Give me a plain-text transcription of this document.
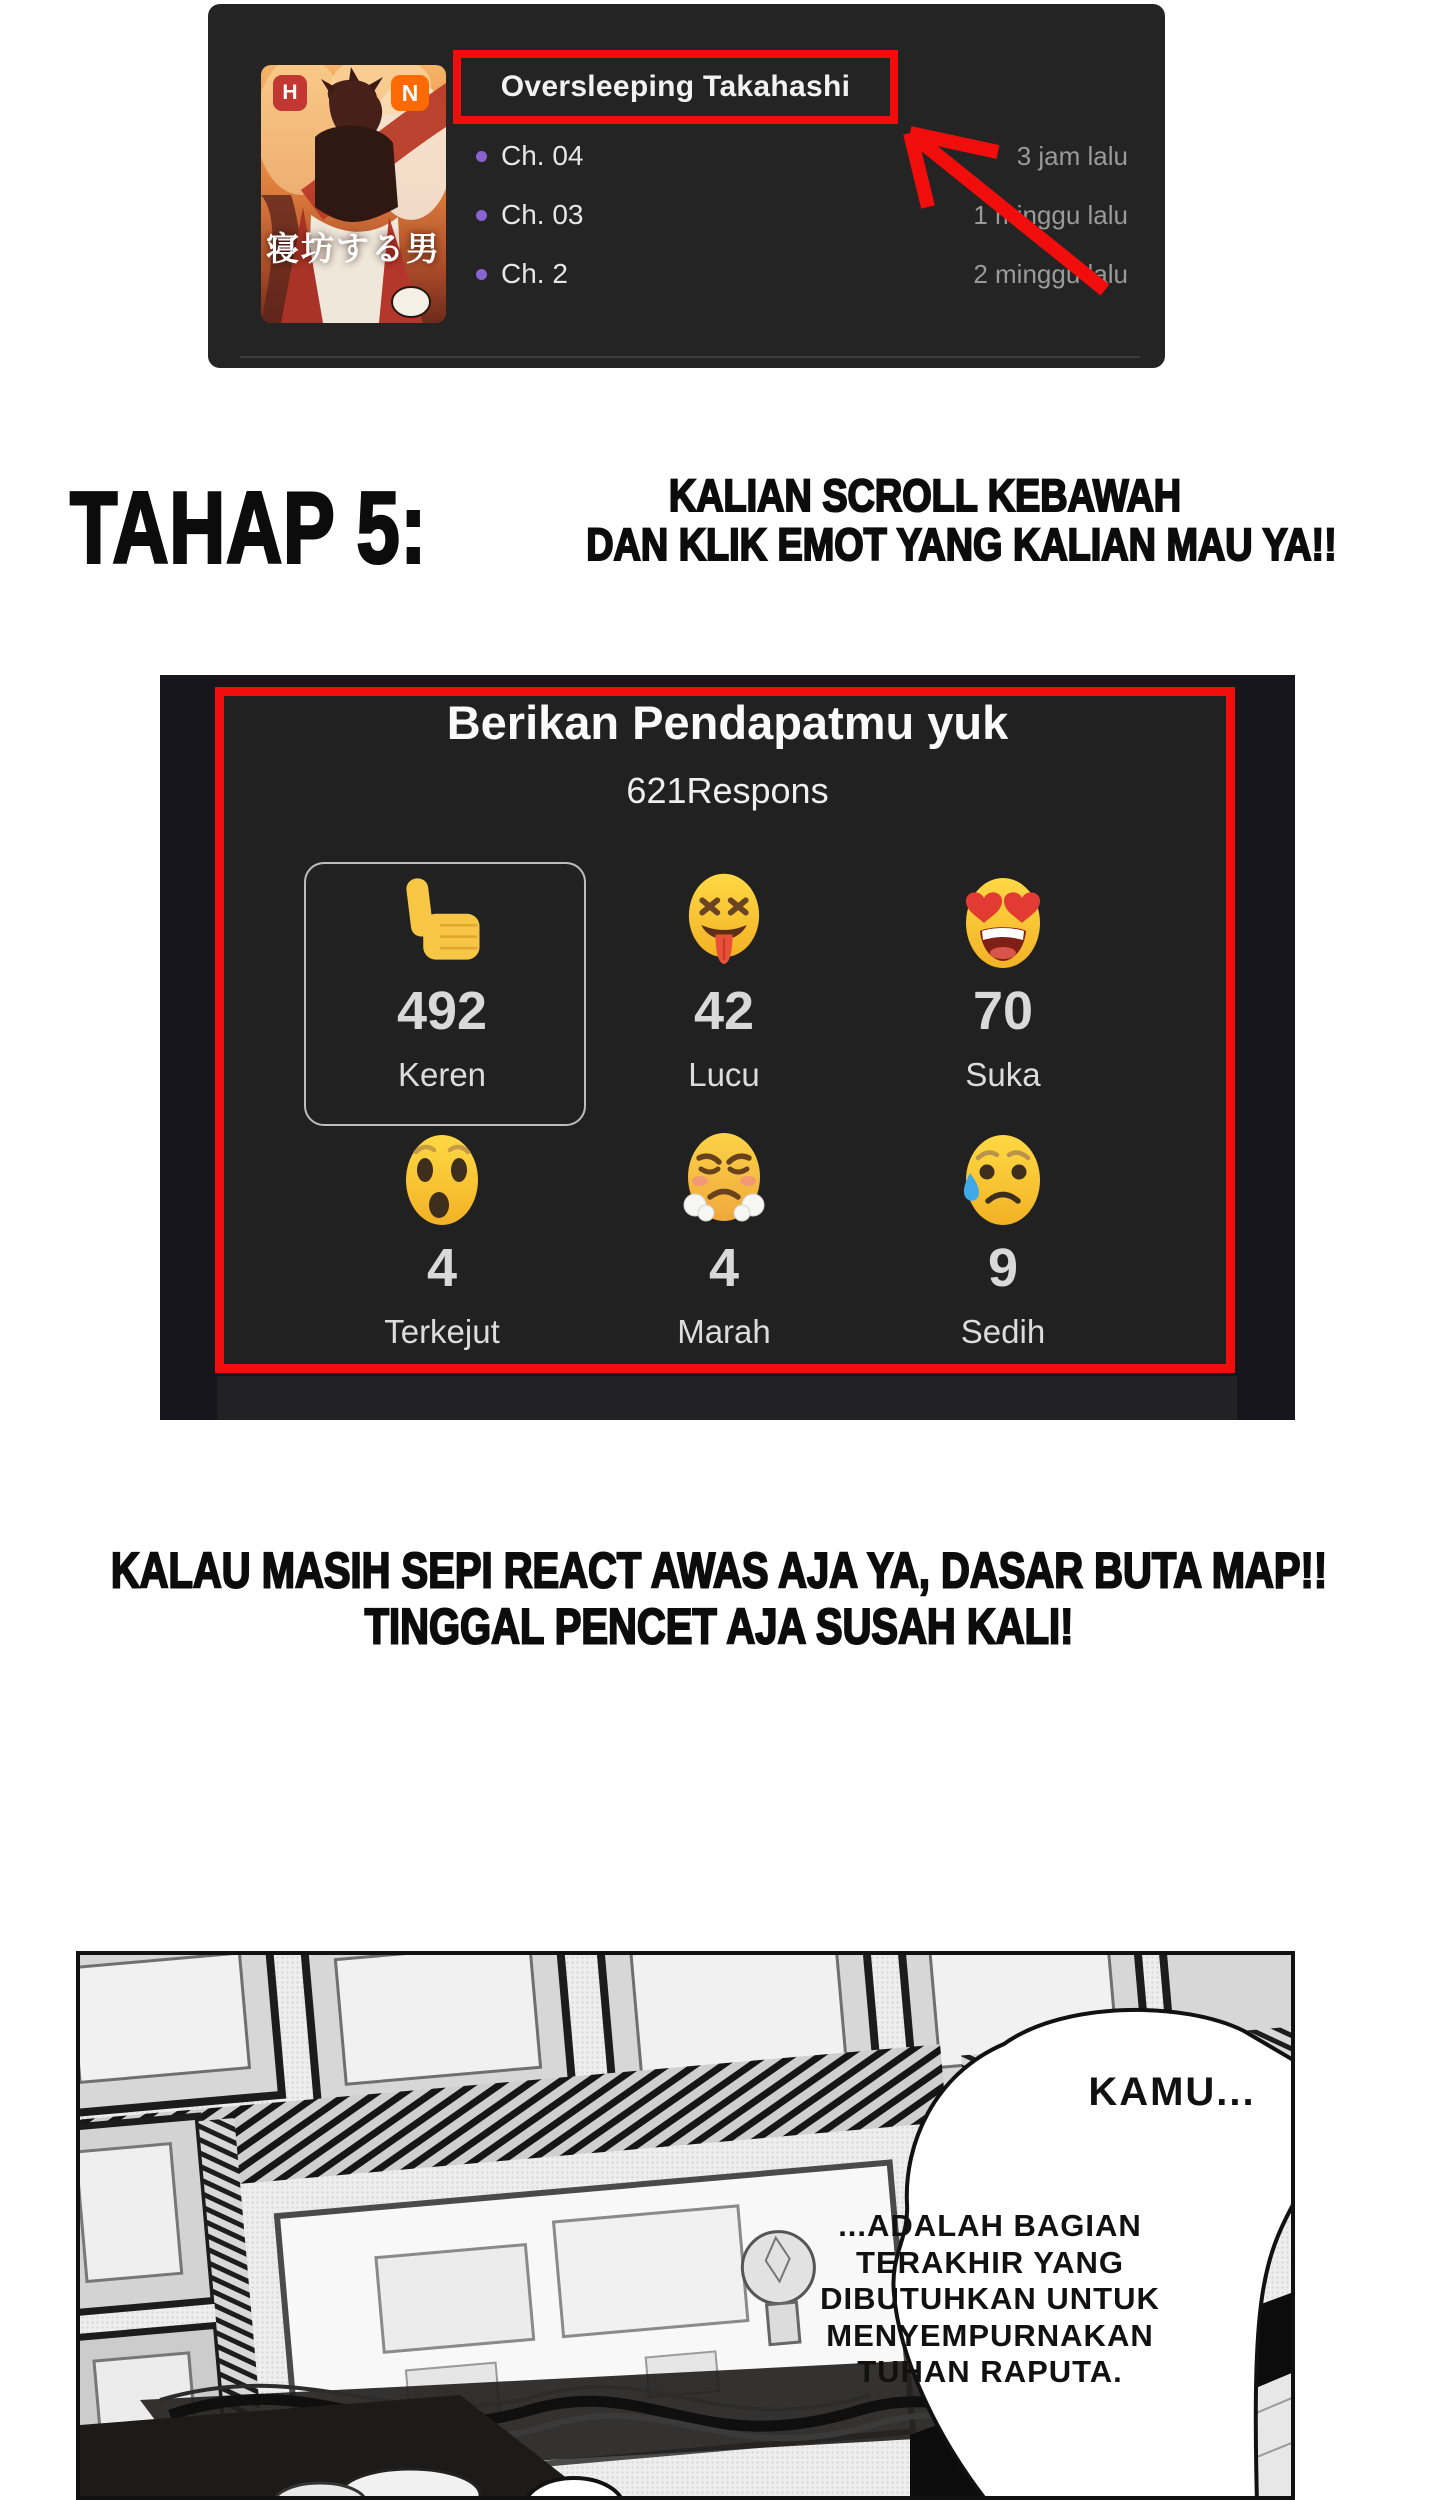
寝坊する男
H	N	Oversleeping Takahashi
Ch. 04	3 jam lalu
Ch. 03	1 minggu lalu
Ch. 2	2 minggu lalu
TAHAP 5:	KALIAN SCROLL KEBAWAH
DAN KLIK EMOT YANG KALIAN MAU YA!!
Berikan Pendapatmu yuk
621Respons
492
Keren
42
Lucu
70
Suka
4
Terkejut
4
Marah
9
Sedih
KALAU MASIH SEPI REACT AWAS AJA YA, DASAR BUTA MAP!!
TINGGAL PENCET AJA SUSAH KALI!
KAMU...
...ADALAH BAGIAN
TERAKHIR YANG
DIBUTUHKAN UNTUK
MENYEMPURNAKAN
TUHAN RAPUTA.
